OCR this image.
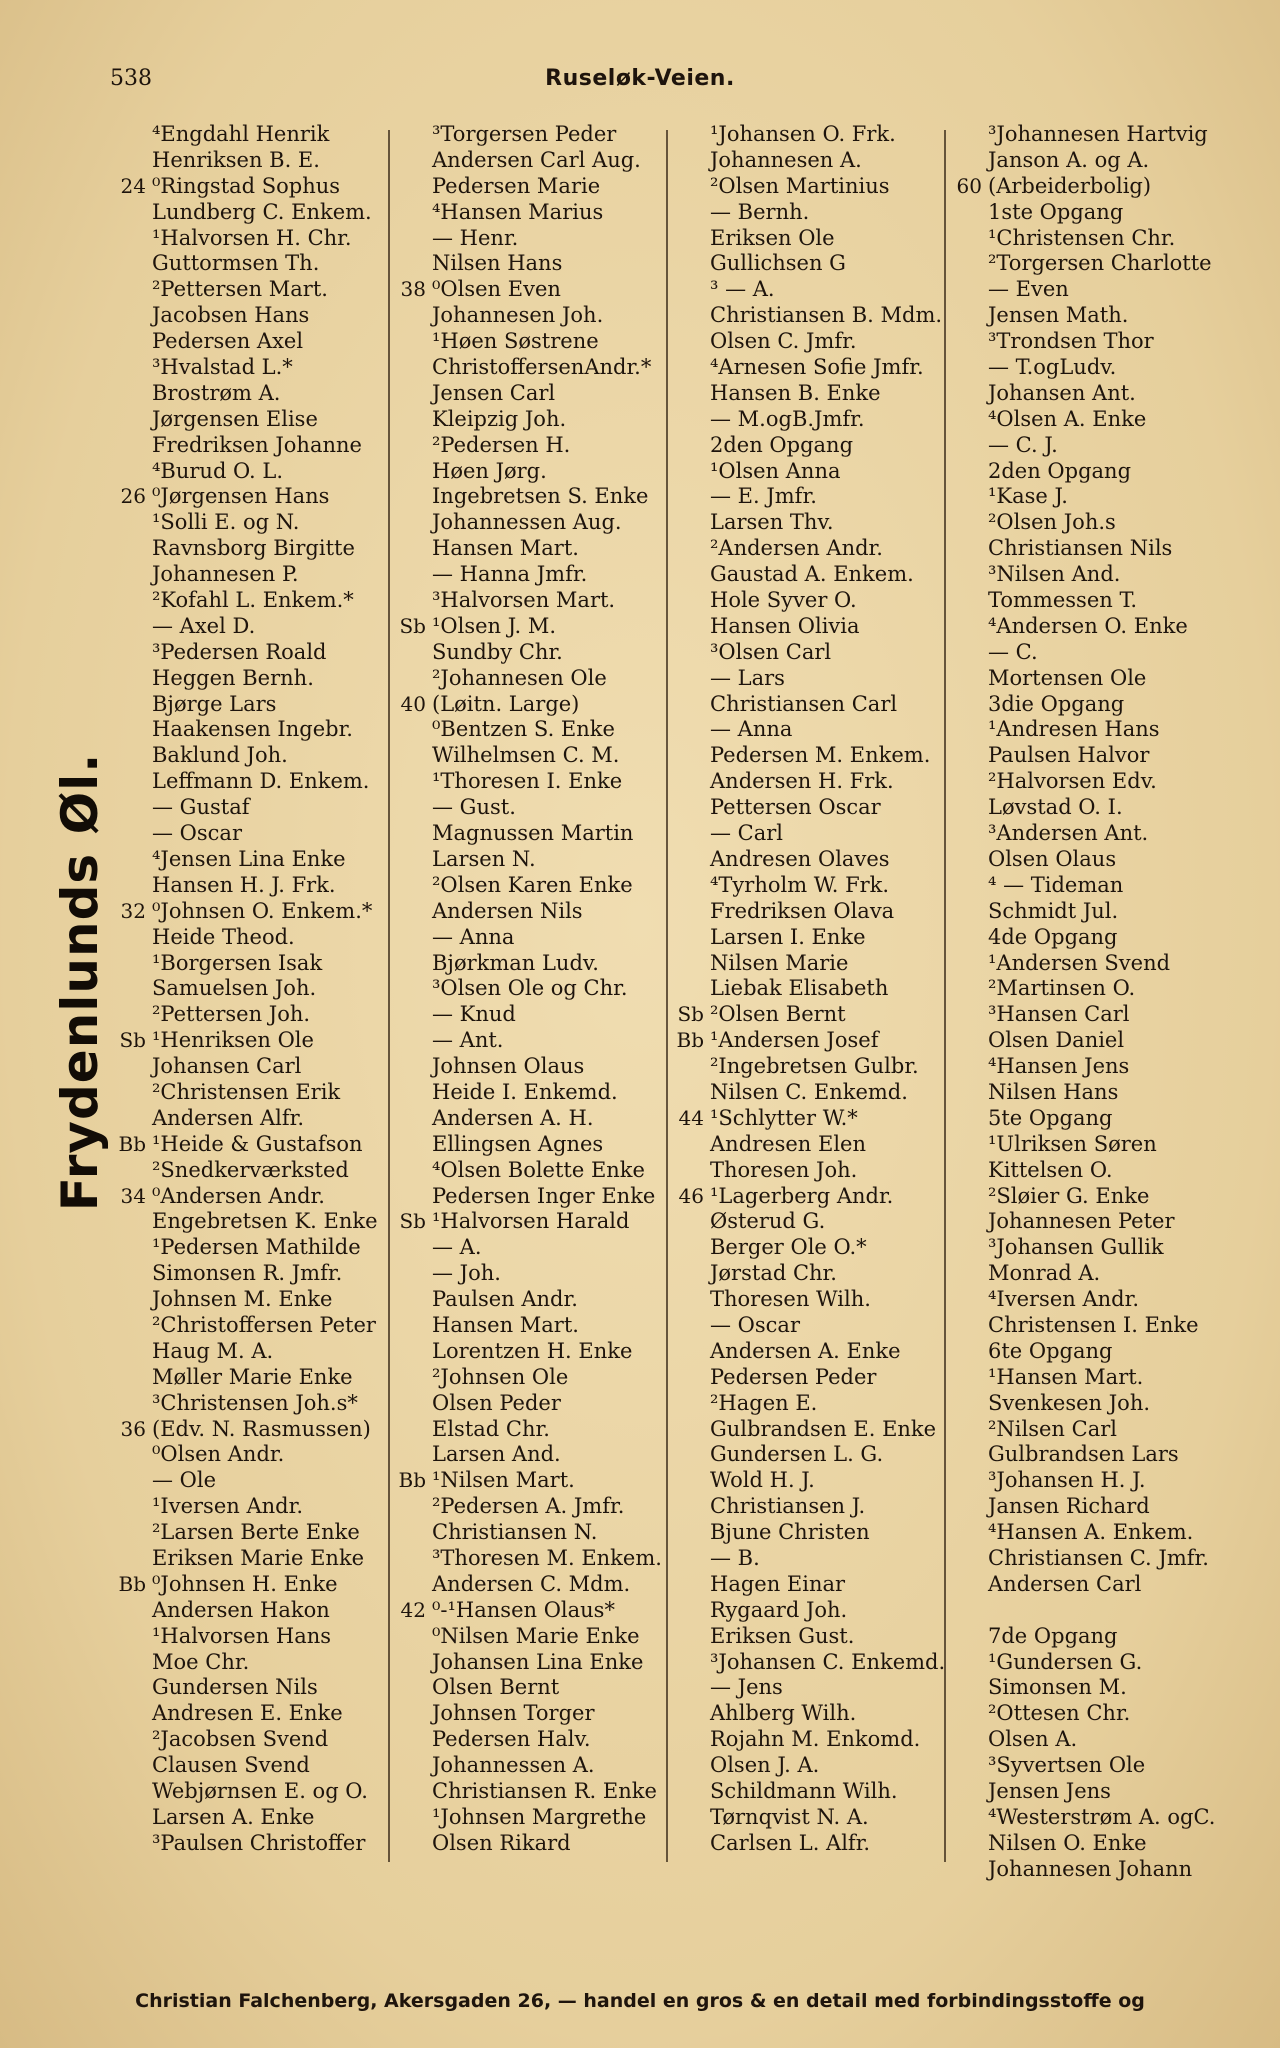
538	Ruseløk-Veien.
Frydenlunds Øl.
⁴Engdahl Henrik
Henriksen B. E.
24 ⁰Ringstad Sophus
Lundberg C. Enkem.
¹Halvorsen H. Chr.
Guttormsen Th.
²Pettersen Mart.
Jacobsen Hans
Pedersen Axel
³Hvalstad L.*
Brostrøm A.
Jørgensen Elise
Fredriksen Johanne
⁴Burud O. L.
26 ⁰Jørgensen Hans
¹Solli E. og N.
Ravnsborg Birgitte
Johannesen P.
²Kofahl L. Enkem.*
— Axel D.
³Pedersen Roald
Heggen Bernh.
Bjørge Lars
Haakensen Ingebr.
Baklund Joh.
Leffmann D. Enkem.
— Gustaf
— Oscar
⁴Jensen Lina Enke
Hansen H. J. Frk.
32 ⁰Johnsen O. Enkem.*
Heide Theod.
¹Borgersen Isak
Samuelsen Joh.
²Pettersen Joh.
Sb ¹Henriksen Ole
Johansen Carl
²Christensen Erik
Andersen Alfr.
Bb ¹Heide & Gustafson
²Snedkerværksted
34 ⁰Andersen Andr.
Engebretsen K. Enke
¹Pedersen Mathilde
Simonsen R. Jmfr.
Johnsen M. Enke
²Christoffersen Peter
Haug M. A.
Møller Marie Enke
³Christensen Joh.s*
36 (Edv. N. Rasmussen)
⁰Olsen Andr.
— Ole
¹Iversen Andr.
²Larsen Berte Enke
Eriksen Marie Enke
Bb ⁰Johnsen H. Enke
Andersen Hakon
¹Halvorsen Hans
Moe Chr.
Gundersen Nils
Andresen E. Enke
²Jacobsen Svend
Clausen Svend
Webjørnsen E. og O.
Larsen A. Enke
³Paulsen Christoffer
³Torgersen Peder
Andersen Carl Aug.
Pedersen Marie
⁴Hansen Marius
— Henr.
Nilsen Hans
38 ⁰Olsen Even
Johannesen Joh.
¹Høen Søstrene
ChristoffersenAndr.*
Jensen Carl
Kleipzig Joh.
²Pedersen H.
Høen Jørg.
Ingebretsen S. Enke
Johannessen Aug.
Hansen Mart.
— Hanna Jmfr.
³Halvorsen Mart.
Sb ¹Olsen J. M.
Sundby Chr.
²Johannesen Ole
40 (Løitn. Large)
⁰Bentzen S. Enke
Wilhelmsen C. M.
¹Thoresen I. Enke
— Gust.
Magnussen Martin
Larsen N.
²Olsen Karen Enke
Andersen Nils
— Anna
Bjørkman Ludv.
³Olsen Ole og Chr.
— Knud
— Ant.
Johnsen Olaus
Heide I. Enkemd.
Andersen A. H.
Ellingsen Agnes
⁴Olsen Bolette Enke
Pedersen Inger Enke
Sb ¹Halvorsen Harald
— A.
— Joh.
Paulsen Andr.
Hansen Mart.
Lorentzen H. Enke
²Johnsen Ole
Olsen Peder
Elstad Chr.
Larsen And.
Bb ¹Nilsen Mart.
²Pedersen A. Jmfr.
Christiansen N.
³Thoresen M. Enkem.
Andersen C. Mdm.
42 ⁰-¹Hansen Olaus*
⁰Nilsen Marie Enke
Johansen Lina Enke
Olsen Bernt
Johnsen Torger
Pedersen Halv.
Johannessen A.
Christiansen R. Enke
¹Johnsen Margrethe
Olsen Rikard
¹Johansen O. Frk.
Johannesen A.
²Olsen Martinius
— Bernh.
Eriksen Ole
Gullichsen G
³ — A.
Christiansen B. Mdm.
Olsen C. Jmfr.
⁴Arnesen Sofie Jmfr.
Hansen B. Enke
— M.ogB.Jmfr.
2den Opgang
¹Olsen Anna
— E. Jmfr.
Larsen Thv.
²Andersen Andr.
Gaustad A. Enkem.
Hole Syver O.
Hansen Olivia
³Olsen Carl
— Lars
Christiansen Carl
— Anna
Pedersen M. Enkem.
Andersen H. Frk.
Pettersen Oscar
— Carl
Andresen Olaves
⁴Tyrholm W. Frk.
Fredriksen Olava
Larsen I. Enke
Nilsen Marie
Liebak Elisabeth
Sb ²Olsen Bernt
Bb ¹Andersen Josef
²Ingebretsen Gulbr.
Nilsen C. Enkemd.
44 ¹Schlytter W.*
Andresen Elen
Thoresen Joh.
46 ¹Lagerberg Andr.
Østerud G.
Berger Ole O.*
Jørstad Chr.
Thoresen Wilh.
— Oscar
Andersen A. Enke
Pedersen Peder
²Hagen E.
Gulbrandsen E. Enke
Gundersen L. G.
Wold H. J.
Christiansen J.
Bjune Christen
— B.
Hagen Einar
Rygaard Joh.
Eriksen Gust.
³Johansen C. Enkemd.
— Jens
Ahlberg Wilh.
Rojahn M. Enkomd.
Olsen J. A.
Schildmann Wilh.
Tørnqvist N. A.
Carlsen L. Alfr.
³Johannesen Hartvig
Janson A. og A.
60 (Arbeiderbolig)
1ste Opgang
¹Christensen Chr.
²Torgersen Charlotte
— Even
Jensen Math.
³Trondsen Thor
— T.ogLudv.
Johansen Ant.
⁴Olsen A. Enke
— C. J.
2den Opgang
¹Kase J.
²Olsen Joh.s
Christiansen Nils
³Nilsen And.
Tommessen T.
⁴Andersen O. Enke
— C.
Mortensen Ole
3die Opgang
¹Andresen Hans
Paulsen Halvor
²Halvorsen Edv.
Løvstad O. I.
³Andersen Ant.
Olsen Olaus
⁴ — Tideman
Schmidt Jul.
4de Opgang
¹Andersen Svend
²Martinsen O.
³Hansen Carl
Olsen Daniel
⁴Hansen Jens
Nilsen Hans
5te Opgang
¹Ulriksen Søren
Kittelsen O.
²Sløier G. Enke
Johannesen Peter
³Johansen Gullik
Monrad A.
⁴Iversen Andr.
Christensen I. Enke
6te Opgang
¹Hansen Mart.
Svenkesen Joh.
²Nilsen Carl
Gulbrandsen Lars
³Johansen H. J.
Jansen Richard
⁴Hansen A. Enkem.
Christiansen C. Jmfr.
Andersen Carl
7de Opgang
¹Gundersen G.
Simonsen M.
²Ottesen Chr.
Olsen A.
³Syvertsen Ole
Jensen Jens
⁴Westerstrøm A. ogC.
Nilsen O. Enke
Johannesen Johann
Christian Falchenberg, Akersgaden 26, — handel en gros & en detail med forbindingsstoffe og
